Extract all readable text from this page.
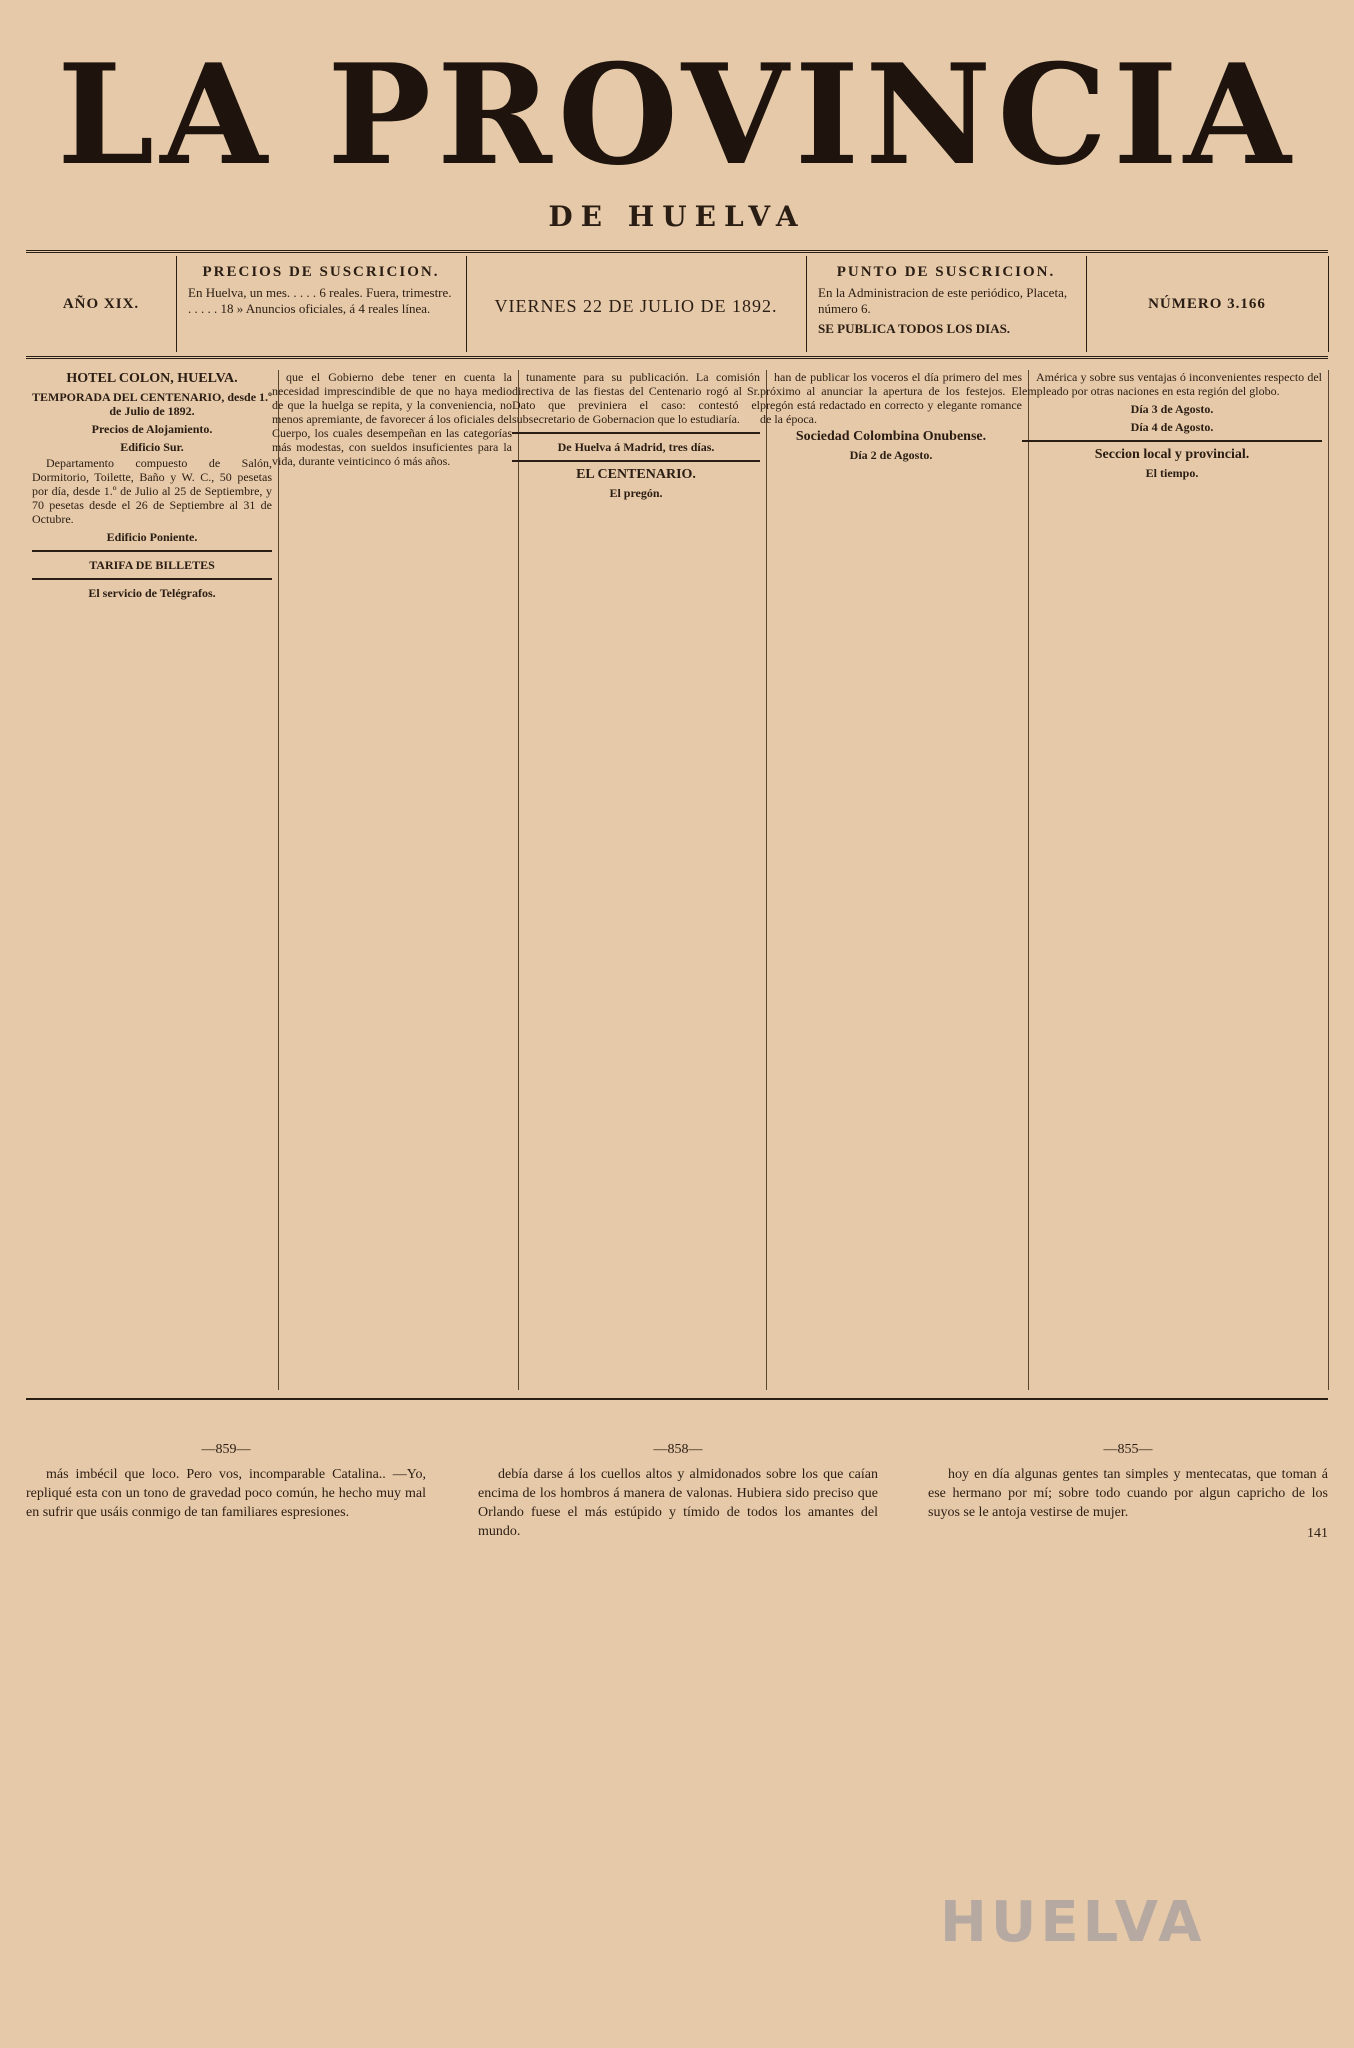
LA PROVINCIA
DE HUELVA
AÑO XIX.
PRECIOS DE SUSCRICION.
En Huelva, un mes. . . . . 6 reales. Fuera, trimestre. . . . . . 18 » Anuncios oficiales, á 4 reales línea.	VIERNES 22 DE JULIO DE 1892.
PUNTO DE SUSCRICION.
En la Administracion de este periódico, Placeta, número 6.
SE PUBLICA TODOS LOS DIAS.
NÚMERO 3.166
HOTEL COLON, HUELVA.
TEMPORADA DEL CENTENARIO, desde 1.º de Julio de 1892.
Precios de Alojamiento.
Edificio Sur.

Departamento compuesto de Salón, Dormitorio, Toilette, Baño y W. C., 50 pesetas por día, desde 1.º de Julio al 25 de Septiembre, y 70 pesetas desde el 26 de Septiembre al 31 de Octubre.

Edificio Poniente.
TARIFA DE BILLETES
El servicio de Telégrafos.

que el Gobierno debe tener en cuenta la necesidad imprescindible de que no haya medio de que la huelga se repita, y la conveniencia, no menos apremiante, de favorecer á los oficiales del Cuerpo, los cuales desempeñan en las categorías más modestas, con sueldos insuficientes para la vida, durante veinticinco ó más años.

tunamente para su publicación. La comisión directiva de las fiestas del Centenario rogó al Sr. Dato que previniera el caso: contestó el subsecretario de Gobernacion que lo estudiaría.

De Huelva á Madrid, tres días.
EL CENTENARIO.
El pregón.

han de publicar los voceros el día primero del mes próximo al anunciar la apertura de los festejos. El pregón está redactado en correcto y elegante romance de la época.

Sociedad Colombina Onubense.
Día 2 de Agosto.

América y sobre sus ventajas ó inconvenientes respecto del empleado por otras naciones en esta región del globo.

Día 3 de Agosto.
Día 4 de Agosto.
Seccion local y provincial.
El tiempo.
—859—

más imbécil que loco. Pero vos, incomparable Catalina.. —Yo, repliqué esta con un tono de gravedad poco común, he hecho muy mal en sufrir que usáis conmigo de tan familiares espresiones.

—858—

debía darse á los cuellos altos y almidonados sobre los que caían encima de los hombros á manera de valonas. Hubiera sido preciso que Orlando fuese el más estúpido y tímido de todos los amantes del mundo.

—855—

hoy en día algunas gentes tan simples y mentecatas, que toman á ese hermano por mí; sobre todo cuando por algun capricho de los suyos se le antoja vestirse de mujer.

141
HUELVA
